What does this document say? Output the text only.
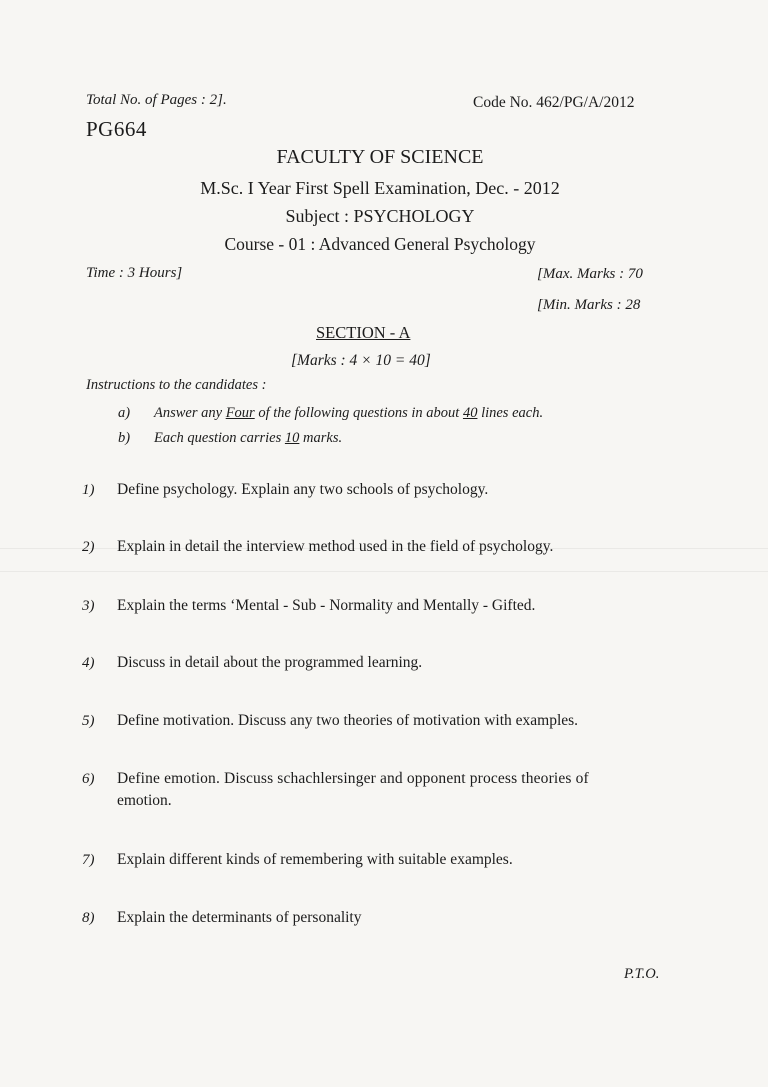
Total No. of Pages : 2].	Code No. 462/PG/A/2012
PG664
FACULTY OF SCIENCE
M.Sc. I Year First Spell Examination, Dec. - 2012
Subject : PSYCHOLOGY
Course - 01 : Advanced General Psychology
Time : 3 Hours]	[Max. Marks : 70
[Min. Marks : 28
SECTION - A
[Marks : 4 × 10 = 40]
Instructions to the candidates :
a) Answer any Four of the following questions in about 40 lines each.
b) Each question carries 10 marks.
1) Define psychology. Explain any two schools of psychology.
2) Explain in detail the interview method used in the field of psychology.
3) Explain the terms ‘Mental - Sub - Normality and Mentally - Gifted.
4) Discuss in detail about the programmed learning.
5) Define motivation. Discuss any two theories of motivation with examples.
6) Define emotion. Discuss schachlersinger and opponent process theories of
emotion.
7) Explain different kinds of remembering with suitable examples.
8) Explain the determinants of personality
P.T.O.
